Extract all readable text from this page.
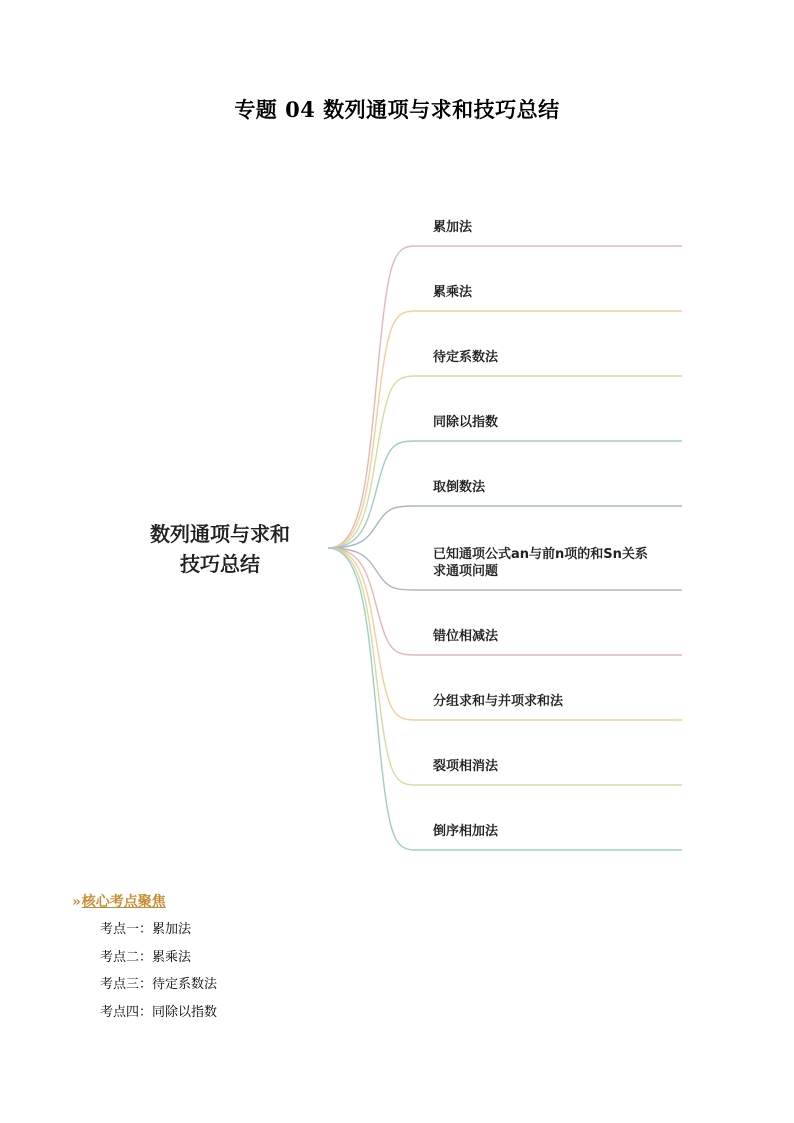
专题 04 数列通项与求和技巧总结
数列通项与求和
技巧总结
累加法
累乘法
待定系数法
同除以指数
取倒数法
已知通项公式an与前n项的和Sn关系
求通项问题
错位相减法
分组求和与并项求和法
裂项相消法
倒序相加法
»核心考点聚焦
考点一：累加法
考点二：累乘法
考点三：待定系数法
考点四：同除以指数
